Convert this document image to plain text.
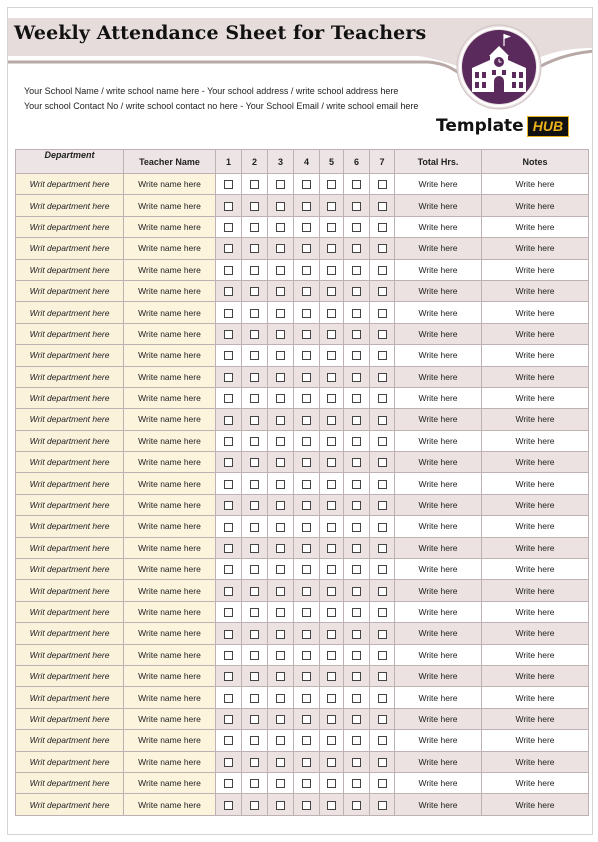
Weekly Attendance Sheet for Teachers
Your School Name / write school name here - Your school address / write school address here
Your school Contact No / write school contact no here - Your School Email / write school email here
Template HUB
Department	Teacher Name	1	2	3	4	5	6	7	Total Hrs.	Notes
Writ department here	Write name here								Write here	Write here
Writ department here	Write name here								Write here	Write here
Writ department here	Write name here								Write here	Write here
Writ department here	Write name here								Write here	Write here
Writ department here	Write name here								Write here	Write here
Writ department here	Write name here								Write here	Write here
Writ department here	Write name here								Write here	Write here
Writ department here	Write name here								Write here	Write here
Writ department here	Write name here								Write here	Write here
Writ department here	Write name here								Write here	Write here
Writ department here	Write name here								Write here	Write here
Writ department here	Write name here								Write here	Write here
Writ department here	Write name here								Write here	Write here
Writ department here	Write name here								Write here	Write here
Writ department here	Write name here								Write here	Write here
Writ department here	Write name here								Write here	Write here
Writ department here	Write name here								Write here	Write here
Writ department here	Write name here								Write here	Write here
Writ department here	Write name here								Write here	Write here
Writ department here	Write name here								Write here	Write here
Writ department here	Write name here								Write here	Write here
Writ department here	Write name here								Write here	Write here
Writ department here	Write name here								Write here	Write here
Writ department here	Write name here								Write here	Write here
Writ department here	Write name here								Write here	Write here
Writ department here	Write name here								Write here	Write here
Writ department here	Write name here								Write here	Write here
Writ department here	Write name here								Write here	Write here
Writ department here	Write name here								Write here	Write here
Writ department here	Write name here								Write here	Write here
